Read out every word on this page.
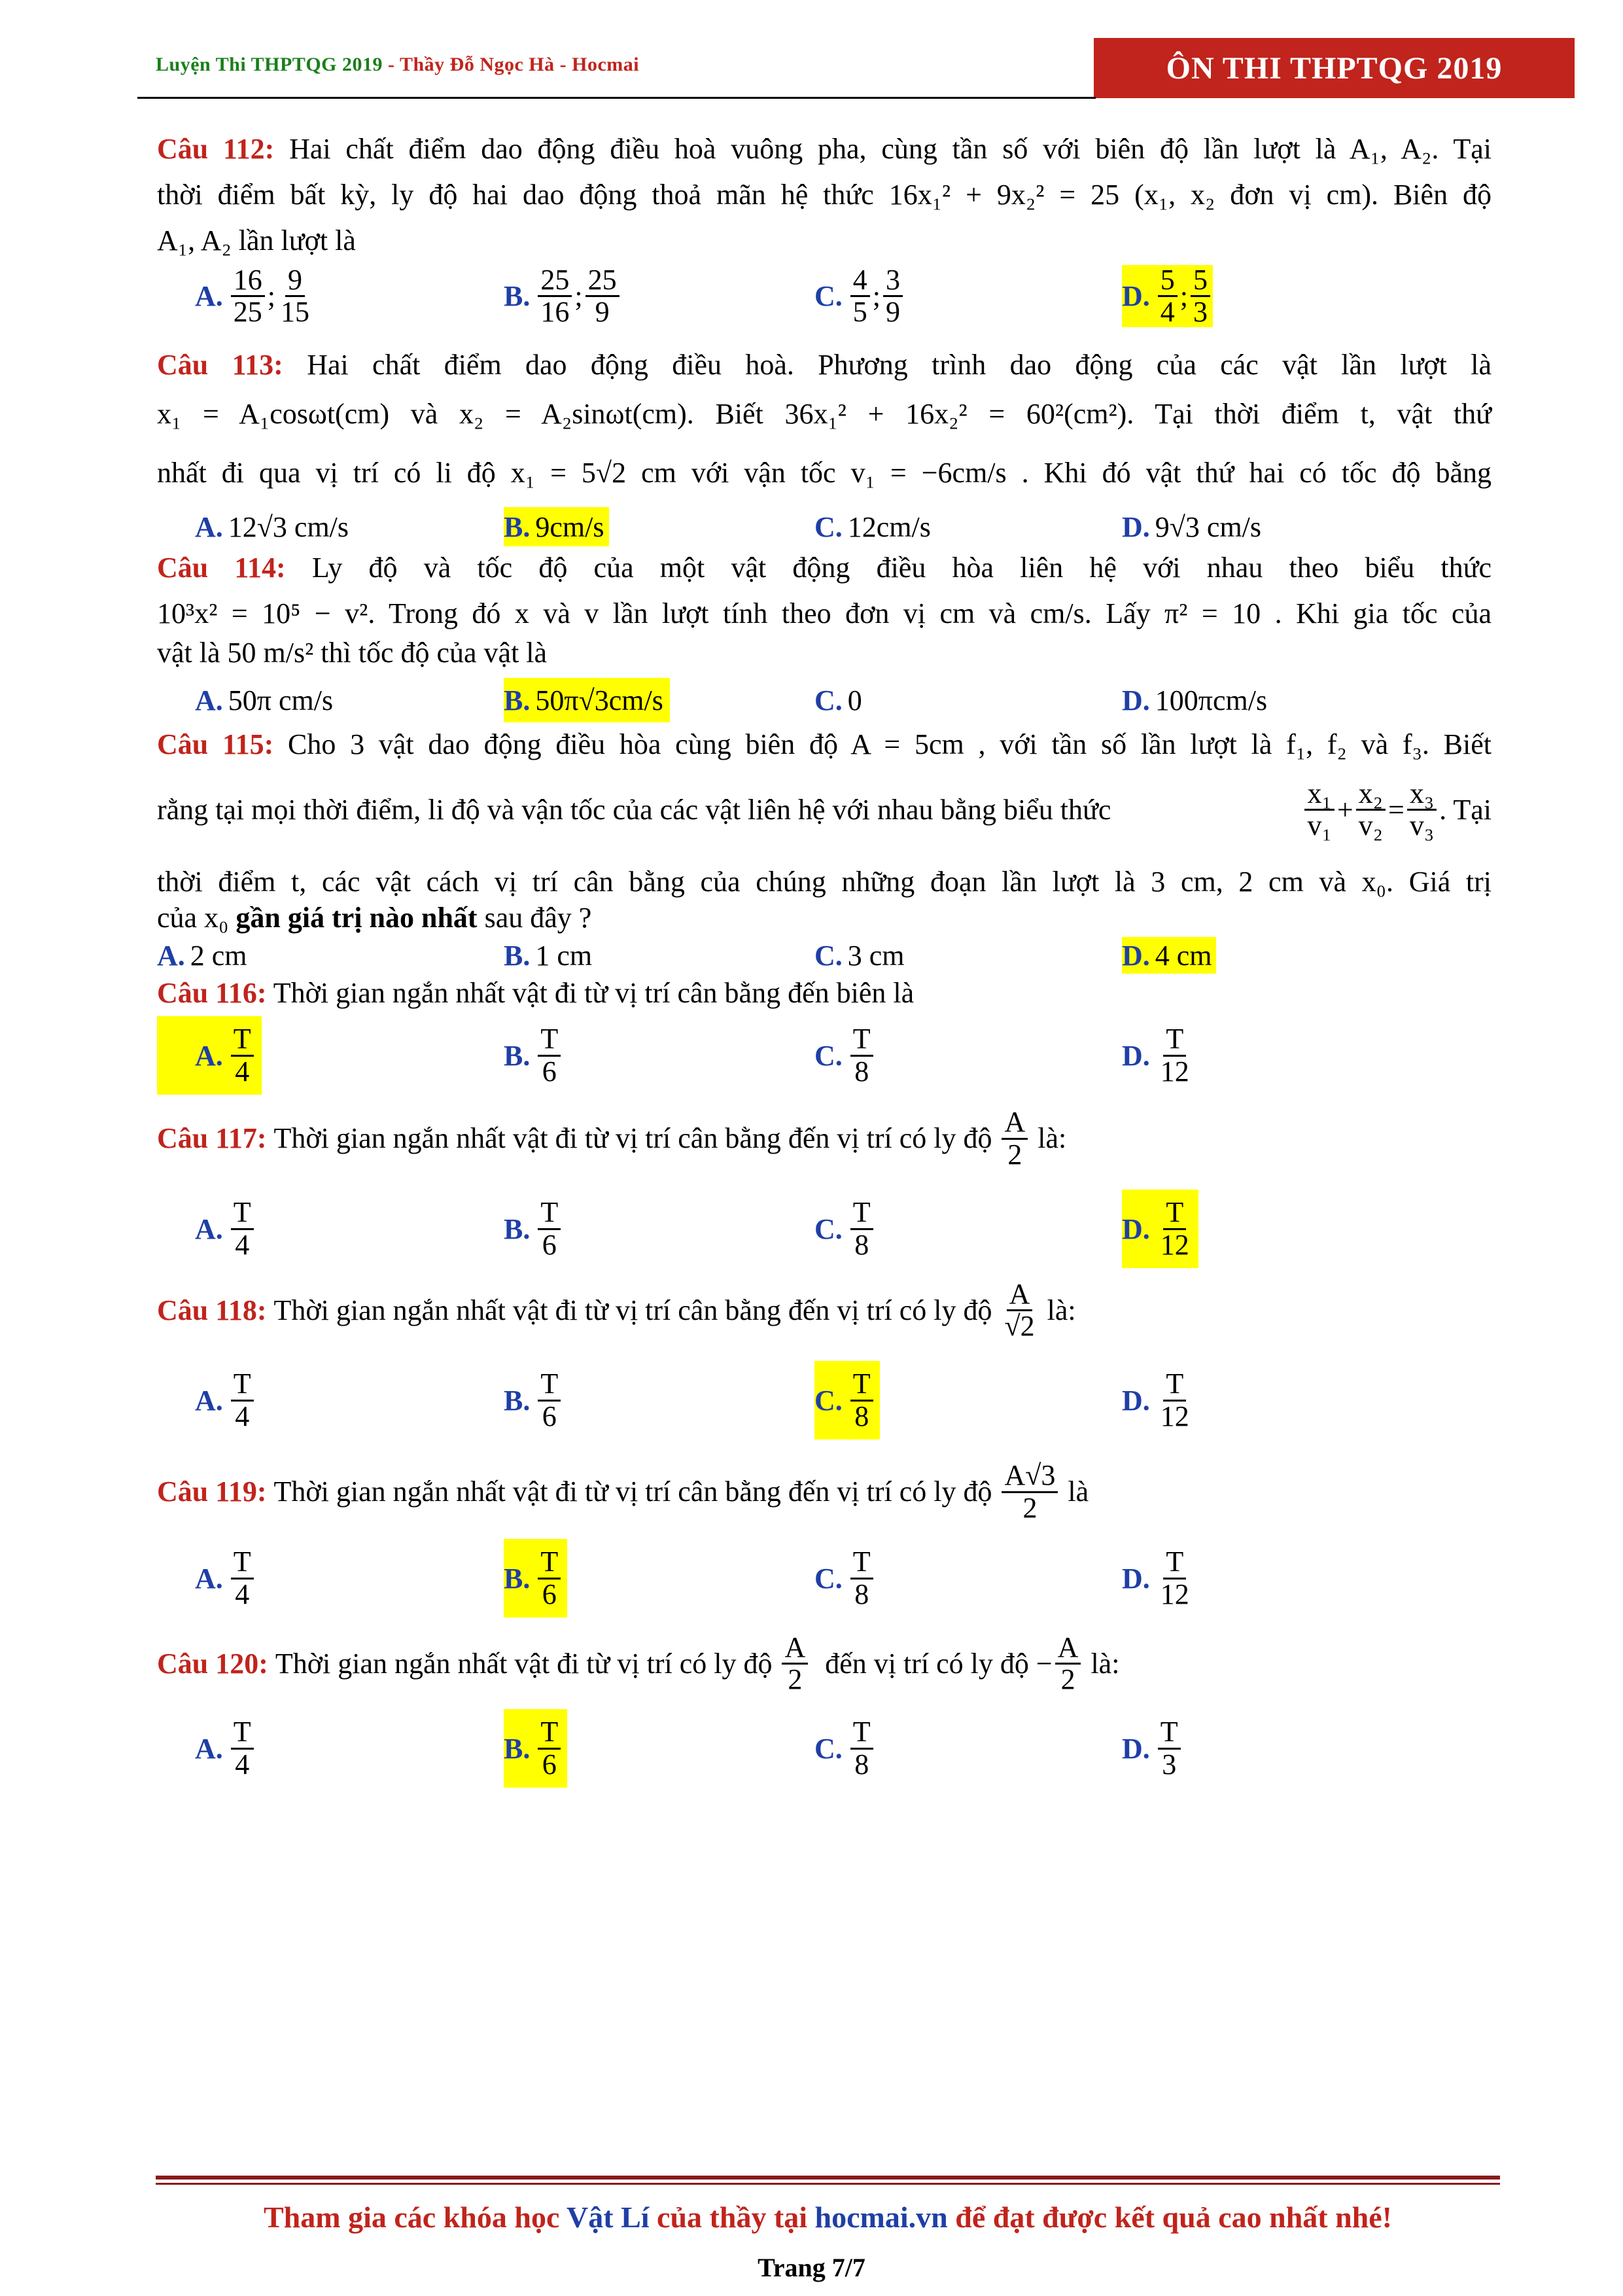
Luyện Thi THPTQG 2019 - Thầy Đỗ Ngọc Hà - Hocmai	ÔN THI THPTQG 2019
Câu 112: Hai chất điểm dao động điều hoà vuông pha, cùng tần số với biên độ lần lượt là A₁, A₂. Tại
thời điểm bất kỳ, ly độ hai dao động thoả mãn hệ thức 16x₁² + 9x₂² = 25 (x₁, x₂ đơn vị cm). Biên độ
A₁, A₂ lần lượt là
A. $\frac{16}{25}$ ; $\frac{9}{15}$	B. $\frac{25}{16}$ ; $\frac{25}{9}$	C. $\frac{4}{5}$ ; $\frac{3}{9}$	D. $\frac{5}{4}$ ; $\frac{5}{3}$
Câu 113: Hai chất điểm dao động điều hoà. Phương trình dao động của các vật lần lượt là
x₁ = A₁cosωt(cm) và x₂ = A₂sinωt(cm). Biết 36x₁² + 16x₂² = 60²(cm²). Tại thời điểm t, vật thứ
nhất đi qua vị trí có li độ x₁ = 5√2 cm với vận tốc v₁ = −6cm/s . Khi đó vật thứ hai có tốc độ bằng
A. 12√3 cm/s	B. 9cm/s	C. 12cm/s	D. 9√3 cm/s
Câu 114: Ly độ và tốc độ của một vật động điều hòa liên hệ với nhau theo biểu thức
10³x² = 10⁵ − v². Trong đó x và v lần lượt tính theo đơn vị cm và cm/s. Lấy π² = 10 . Khi gia tốc của
vật là 50 m/s² thì tốc độ của vật là
A. 50π cm/s	B. 50π√3cm/s	C. 0	D. 100πcm/s
Câu 115: Cho 3 vật dao động điều hòa cùng biên độ A = 5cm , với tần số lần lượt là f₁, f₂ và f₃. Biết
rằng tại mọi thời điểm, li độ và vận tốc của các vật liên hệ với nhau bằng biểu thức	$\frac{\text{x₁}}{\text{v₁}} + \frac{\text{x₂}}{\text{v₂}} = \frac{\text{x₃}}{\text{v₃}}$ . Tại
thời điểm t, các vật cách vị trí cân bằng của chúng những đoạn lần lượt là 3 cm, 2 cm và x₀. Giá trị
của x₀ gần giá trị nào nhất sau đây ?
A. 2 cm	B. 1 cm	C. 3 cm	D. 4 cm
Câu 116: Thời gian ngắn nhất vật đi từ vị trí cân bằng đến biên là
A. $\frac{T}{4}$	B. $\frac{T}{6}$	C. $\frac{T}{8}$	D. $\frac{T}{12}$
Câu 117:
Thời gian ngắn nhất vật đi từ vị trí cân bằng đến vị trí có ly độ
$\frac{A}{2}$
là:
A. $\frac{T}{4}$	B. $\frac{T}{6}$	C. $\frac{T}{8}$	D. $\frac{T}{12}$
Câu 118:
Thời gian ngắn nhất vật đi từ vị trí cân bằng đến vị trí có ly độ
$\frac{A}{√2}$
là:
A. $\frac{T}{4}$	B. $\frac{T}{6}$	C. $\frac{T}{8}$	D. $\frac{T}{12}$
Câu 119:
Thời gian ngắn nhất vật đi từ vị trí cân bằng đến vị trí có ly độ
$\frac{A√3}{2}$
là
A. $\frac{T}{4}$	B. $\frac{T}{6}$	C. $\frac{T}{8}$	D. $\frac{T}{12}$
Câu 120:
Thời gian ngắn nhất vật đi từ vị trí có ly độ
$\frac{A}{2}$
đến vị trí có ly độ
− $\frac{A}{2}$
là:
A. $\frac{T}{4}$	B. $\frac{T}{6}$	C. $\frac{T}{8}$	D. $\frac{T}{3}$
Tham gia các khóa học Vật Lí của thầy tại hocmai.vn để đạt được kết quả cao nhất nhé!
Trang 7/7
